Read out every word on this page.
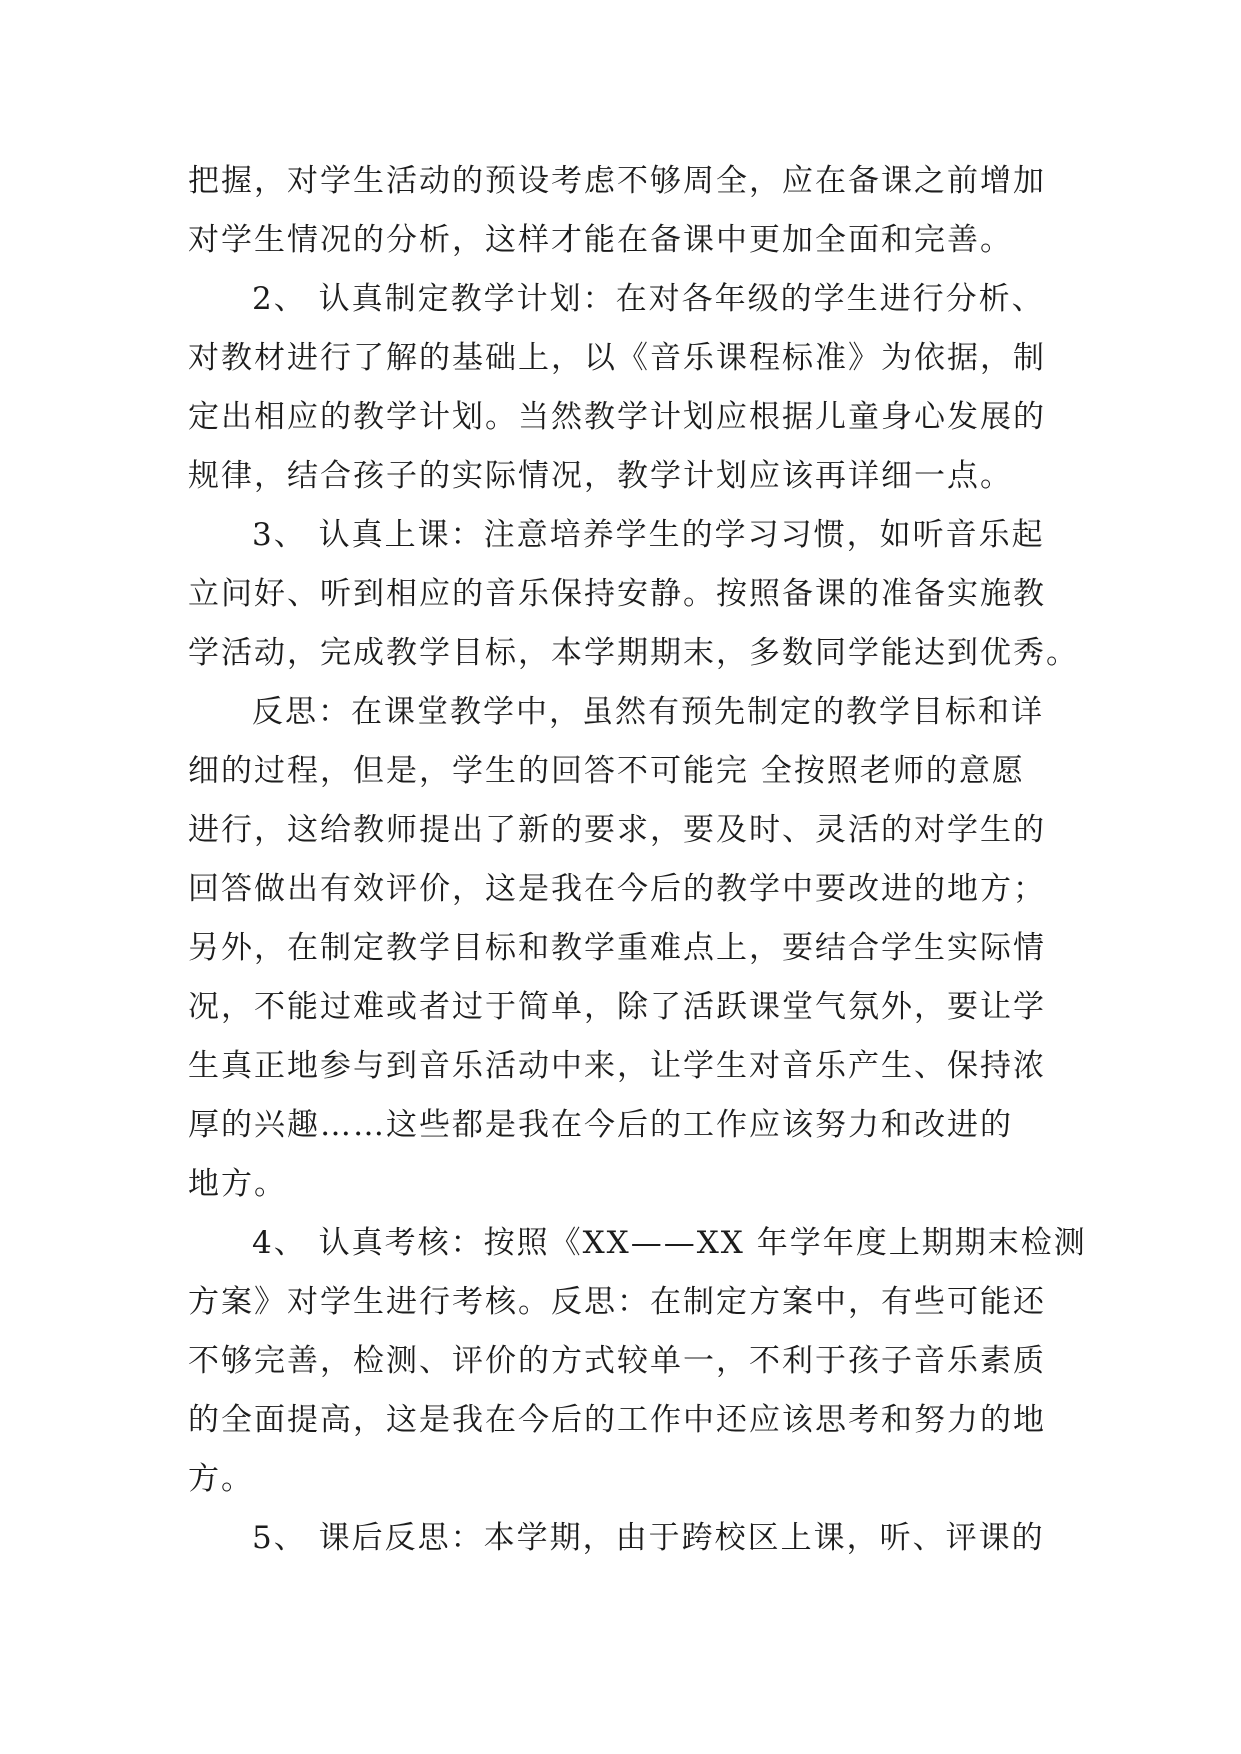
把握，对学生活动的预设考虑不够周全，应在备课之前增加
对学生情况的分析，这样才能在备课中更加全面和完善。
2、 认真制定教学计划：在对各年级的学生进行分析、
对教材进行了解的基础上，以《音乐课程标准》为依据，制
定出相应的教学计划。当然教学计划应根据儿童身心发展的
规律，结合孩子的实际情况，教学计划应该再详细一点。
3、 认真上课：注意培养学生的学习习惯，如听音乐起
立问好、听到相应的音乐保持安静。按照备课的准备实施教
学活动，完成教学目标，本学期期末，多数同学能达到优秀。
反思：在课堂教学中，虽然有预先制定的教学目标和详
细的过程，但是，学生的回答不可能完 全按照老师的意愿
进行，这给教师提出了新的要求，要及时、灵活的对学生的
回答做出有效评价，这是我在今后的教学中要改进的地方；
另外，在制定教学目标和教学重难点上，要结合学生实际情
况，不能过难或者过于简单，除了活跃课堂气氛外，要让学
生真正地参与到音乐活动中来，让学生对音乐产生、保持浓
厚的兴趣……这些都是我在今后的工作应该努力和改进的
地方。
4、 认真考核：按照《XX——XX 年学年度上期期末检测
方案》对学生进行考核。反思：在制定方案中，有些可能还
不够完善，检测、评价的方式较单一，不利于孩子音乐素质
的全面提高，这是我在今后的工作中还应该思考和努力的地
方。
5、 课后反思：本学期，由于跨校区上课，听、评课的
